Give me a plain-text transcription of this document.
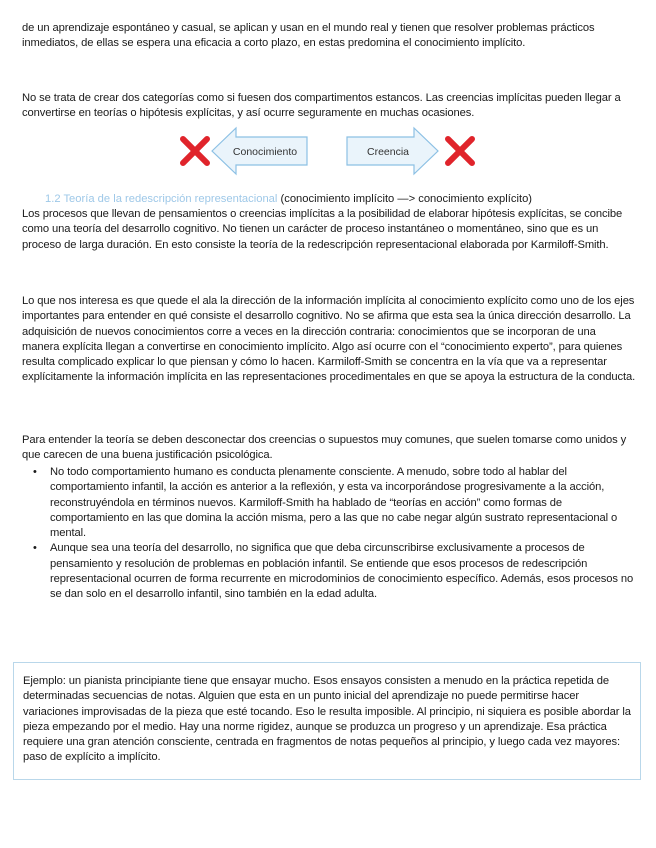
de un aprendizaje espontáneo y casual, se aplican y usan en el mundo real y tienen que resolver problemas prácticos inmediatos, de ellas se espera una eficacia a corto plazo, en estas predomina el conocimiento implícito.

No se trata de crear dos categorías como si fuesen dos compartimentos estancos. Las creencias implícitas pueden llegar a convertirse en teorías o hipótesis explícitas, y así ocurre seguramente en muchas ocasiones.

Conocimiento	Creencia
1.2 Teoría de la redescripción representacional (conocimiento implícito —> conocimiento explícito)

Los procesos que llevan de pensamientos o creencias implícitas a la posibilidad de elaborar hipótesis explícitas, se concibe como una teoría del desarrollo cognitivo. No tienen un carácter de proceso instantáneo o momentáneo, sino que es un proceso de larga duración. En esto consiste la teoría de la redescripción representacional elaborada por Karmiloff-Smith.

Lo que nos interesa es que quede el ala la dirección de la información implícita al conocimiento explícito como uno de los ejes importantes para entender en qué consiste el desarrollo cognitivo. No se afirma que esta sea la única dirección desarrollo. La adquisición de nuevos conocimientos corre a veces en la dirección contraria: conocimientos que se incorporan de una manera explícita llegan a convertirse en conocimiento implícito. Algo así ocurre con el “conocimiento experto”, para quienes resulta complicado explicar lo que piensan y cómo lo hacen. Karmiloff-Smith se concentra en la vía que va a representar explícitamente la información implícita en las representaciones procedimentales en que se apoya la estructura de la conducta.

Para entender la teoría se deben desconectar dos creencias o supuestos muy comunes, que suelen tomarse como unidos y que carecen de una buena justificación psicológica.

• No todo comportamiento humano es conducta plenamente consciente. A menudo, sobre todo al hablar del comportamiento infantil, la acción es anterior a la reflexión, y esta va incorporándose progresivamente a la acción, reconstruyéndola en términos nuevos. Karmiloff-Smith ha hablado de “teorías en acción” como formas de comportamiento en las que domina la acción misma, pero a las que no cabe negar algún sustrato representacional o mental.
• Aunque sea una teoría del desarrollo, no significa que que deba circunscribirse exclusivamente a procesos de pensamiento y resolución de problemas en población infantil. Se entiende que esos procesos de redescripción representacional ocurren de forma recurrente en microdominios de conocimiento específico. Además, esos procesos no se dan solo en el desarrollo infantil, sino también en la edad adulta.

Ejemplo: un pianista principiante tiene que ensayar mucho. Esos ensayos consisten a menudo en la práctica repetida de determinadas secuencias de notas. Alguien que esta en un punto inicial del aprendizaje no puede permitirse hacer variaciones improvisadas de la pieza que esté tocando. Eso le resulta imposible. Al principio, ni siquiera es posible abordar la pieza empezando por el medio. Hay una norme rigidez, aunque se produzca un progreso y un aprendizaje. Esa práctica requiere una gran atención consciente, centrada en fragmentos de notas pequeños al principio, y luego cada vez mayores: paso de explícito a implícito.
